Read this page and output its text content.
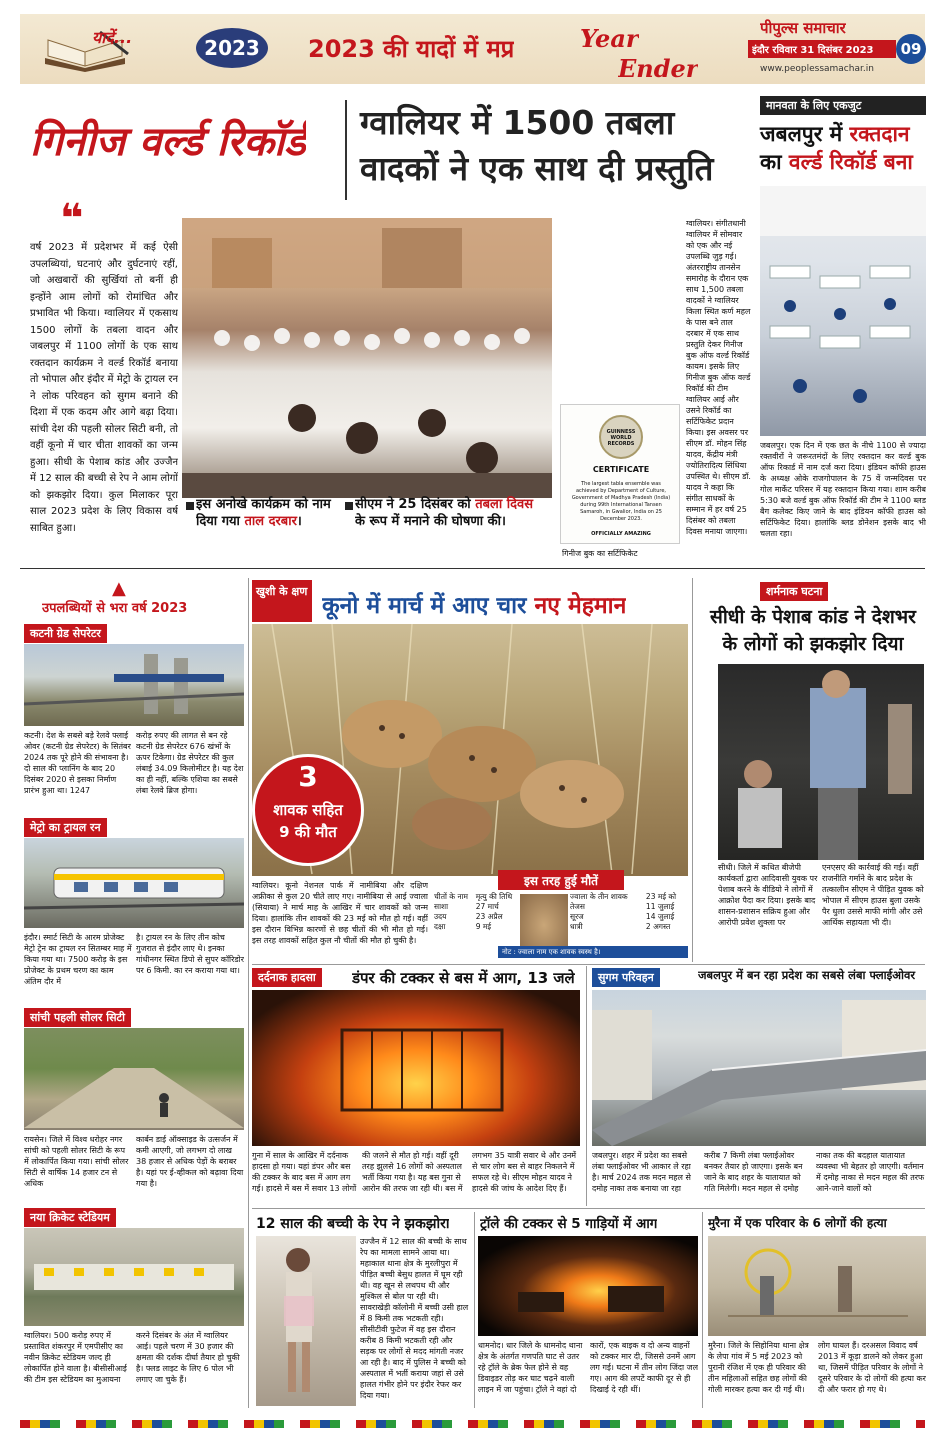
यादें...	2023	2023 की यादों में मप्र	Year
Ender
पीपुल्स समाचार
इंदौर रविवार 31 दिसंबर 2023	09
www.peoplessamachar.in
गिनीज वर्ल्ड रिकॉर्ड ग्वालियर में 1500 तबला वादकों ने एक साथ दी प्रस्तुति
❝
वर्ष 2023 में प्रदेशभर में कई ऐसी उपलब्धियां, घटनाएं और दुर्घटनाएं रहीं, जो अखबारों की सुर्खियां तो बनीं ही इन्होंने आम लोगों को रोमांचित और प्रभावित भी किया। ग्वालियर में एकसाथ 1500 लोगों के तबला वादन और जबलपुर में 1100 लोगों के एक साथ रक्तदान कार्यक्रम ने वर्ल्ड रिकॉर्ड बनाया तो भोपाल और इंदौर में मेट्रो के ट्रायल रन ने लोक परिवहन को सुगम बनाने की दिशा में एक कदम और आगे बढ़ा दिया। सांची देश की पहली सोलर सिटी बनी, तो वहीं कूनो में चार चीता शावकों का जन्म हुआ। सीधी के पेशाब कांड और उज्जैन में 12 साल की बच्ची से रेप ने आम लोगों को झकझोर दिया। कुल मिलाकर पूरा साल 2023 प्रदेश के लिए विकास वर्ष साबित हुआ।
इस अनोखे कार्यक्रम को नाम दिया गया ताल दरबार।
सीएम ने 25 दिसंबर को तबला दिवस के रूप में मनाने की घोषणा की।
GUINNESS WORLD RECORDS
CERTIFICATE
The largest tabla ensemble was achieved by Department of Culture, Government of Madhya Pradesh (India) during 99th International Tansen Samaroh, in Gwalior, India on 25 December 2023.
OFFICIALLY AMAZING
गिनीज बुक का सर्टिफिकेट
ग्वालियर। संगीतधानी ग्वालियर में सोमवार को एक और नई उपलब्धि जुड़ गई। अंतरराष्ट्रीय तानसेन समारोह के दौरान एक साथ 1,500 तबला वादकों ने ग्वालियर किला स्थित कर्ण महल के पास बने ताल दरबार में एक साथ प्रस्तुति देकर गिनीज बुक ऑफ वर्ल्ड रिकॉर्ड कायम। इसके लिए गिनीज बुक ऑफ वर्ल्ड रिकॉर्ड की टीम ग्वालियर आई और उसने रिकॉर्ड का सर्टिफिकेट प्रदान किया। इस अवसर पर सीएम डॉ. मोहन सिंह यादव, केंद्रीय मंत्री ज्योतिरादित्य सिंधिया उपस्थित थे। सीएम डॉ. यादव ने कहा कि संगीत साधकों के सम्मान में हर वर्ष 25 दिसंबर को तबला दिवस मनाया जाएगा।
मानवता के लिए एकजुट
जबलपुर में रक्तदान का वर्ल्ड रिकॉर्ड बना
जबलपुर। एक दिन में एक छत के नीचे 1100 से ज्यादा रक्तवीरों ने जरूरतमंदों के लिए रक्तदान कर वर्ल्ड बुक ऑफ रिकार्ड में नाम दर्ज करा दिया। इंडियन कॉफी हाउस के अध्यक्ष ओके राजगोपालन के 75 वें जन्मदिवस पर गोल मार्केट परिसर में यह रक्तदान किया गया। शाम करीब 5:30 बजे वर्ल्ड बुक ऑफ रिकॉर्ड की टीम ने 1100 ब्लड बैग कलेक्ट किए जाने के बाद इंडियन कॉफी हाउस को सर्टिफिकेट दिया। हालांकि ब्लड डोनेशन इसके बाद भी चलता रहा।
▲
उपलब्धियों से भरा वर्ष 2023
कटनी ग्रेड सेपरेटर
कटनी। देश के सबसे बड़े रेलवे फ्लाई ओवर (कटनी ग्रेड सेपरेटर) के सितंबर 2024 तक पूरे होने की संभावना है। दो साल की प्लानिंग के बाद 20 दिसंबर 2020 से इसका निर्माण प्रारंभ हुआ था। 1247
करोड़ रुपए की लागत से बन रहे कटनी ग्रेड सेपरेटर 676 खंभों के ऊपर टिकेगा। ग्रेड सेपरेटर की कुल लंबाई 34.09 किलोमीटर है। यह देश का ही नहीं, बल्कि एशिया का सबसे लंबा रेलवे ब्रिज होगा।
मेट्रो का ट्रायल रन
इंदौर। स्मार्ट सिटी के आरम प्रोजेक्ट मेट्रो ट्रेन का ट्रायल रन सितम्बर माह में किया गया था। 7500 करोड़ के इस प्रोजेक्ट के प्रथम चरण का काम अंतिम दौर में
है। ट्रायल रन के लिए तीन कोच गुजरात से इंदौर लाए थे। इनका गांधीनगर स्थित डिपो से सुपर कॉरिडोर पर 6 किमी. का रन कराया गया था।
सांची पहली सोलर सिटी
रायसेन। जिले में विश्व धरोहर नगर सांची को पहली सोलर सिटी के रूप में लोकार्पित किया गया। सांची सोलर सिटी से वार्षिक 14 हजार टन से अधिक
कार्बन डाई ऑक्साइड के उत्सर्जन में कमी आएगी, जो लगभग दो लाख 38 हजार से अधिक पेड़ों के बराबर है। यहां पर ई-व्हीकल को बढ़ावा दिया गया है।
नया क्रिकेट स्टेडियम
ग्वालियर। 500 करोड़ रुपए में प्रस्तावित शंकरपुर में एमपीसीए का नवीन क्रिकेट स्टेडियम जल्द ही लोकार्पित होने वाला है। बीसीसीआई की टीम इस स्टेडियम का मुआयना
करने दिसंबर के अंत में ग्वालियर आई। पहले चरण में 30 हजार की क्षमता की दर्शक दीर्घा तैयार हो चुकी है। फ्लड लाइट के लिए 6 पोल भी लगाए जा चुके हैं।
खुशी के क्षण
कूनो में मार्च में आए चार नए मेहमान
3
शावक सहित
9 की मौत
ग्वालियर। कूनो नेशनल पार्क में नामीबिया और दक्षिण अफ्रीका से कुल 20 चीते लाए गए। नामीबिया से आई ज्वाला (सियाया) ने मार्च माह के आखिर में चार शावकों को जन्म दिया। हालांकि तीन शावकों की 23 मई को मौत हो गई। वहीं इस दौरान विभिन्न कारणों से छह चीतों की भी मौत हो गई। इस तरह शावकों सहित कुल नौ चीतों की मौत हो चुकी है।
इस तरह हुई मौतें
चीतों के नाम	मृत्यु की तिथि
साशा	27 मार्च
उदय	23 अप्रैल
दक्षा	9 मई
ज्वाला के तीन शावक	23 मई को
तेजस	11 जुलाई
सूरज	14 जुलाई
धात्री	2 अगस्त
नोट : ज्वाला नाम एक शावक स्वस्थ है।
शर्मनाक घटना
सीधी के पेशाब कांड ने देशभर के लोगों को झकझोर दिया
सीधी। जिले में कथित बीजेपी कार्यकर्ता द्वारा आदिवासी युवक पर पेशाब करने के वीडियो ने लोगों में आक्रोश पैदा कर दिया। इसके बाद शासन-प्रशासन सक्रिय हुआ और आरोपी प्रवेश शुक्ला पर
एनएसए की कार्रवाई की गई। वहीं राजनीति गर्माने के बाद प्रदेश के तत्कालीन सीएम ने पीड़ित युवक को भोपाल में सीएम हाउस बुला उसके पैर धुला उससे माफी मांगी और उसे आर्थिक सहायता भी दी।
दर्दनाक हादसा	डंपर की टक्कर से बस में आग, 13 जले
गुना में साल के आखिर में दर्दनाक हादसा हो गया। यहां डंपर और बस की टक्कर के बाद बस में आग लग गई। हादसे में बस में सवार 13 लोगों
की जलने से मौत हो गई। वहीं दूरी तरह झुलसे 16 लोगों को अस्पताल भर्ती किया गया है। यह बस गुना से आरोन की तरफ जा रही थी। बस में
लगभग 35 यात्री सवार थे और उनमें से चार लोग बस से बाहर निकलने में सफल रहे थे। सीएम मोहन यादव ने हादसे की जांच के आदेश दिए हैं।
सुगम परिवहन	जबलपुर में बन रहा प्रदेश का सबसे लंबा फ्लाईओवर
जबलपुर। शहर में प्रदेश का सबसे लंबा फ्लाईओवर भी आकार ले रहा है। मार्च 2024 तक मदन महल से दमोह नाका तक बनाया जा रहा
करीब 7 किमी लंबा फ्लाईओवर बनकर तैयार हो जाएगा। इसके बन जाने के बाद शहर के यातायात को गति मिलेगी। मदन महल से दमोह
नाका तक की बदहाल यातायात व्यवस्था भी बेहतर हो जाएगी। वर्तमान में दमोह नाका से मदन महल की तरफ आने-जाने वालों को
12 साल की बच्ची के रेप ने झकझोरा
उज्जैन में 12 साल की बच्ची के साथ रेप का मामला सामने आया था। महाकाल थाना क्षेत्र के मुरलीपुरा में पीड़ित बच्ची बेसुध हालत में घूम रही थी। वह खून से लथपथ थी और मुश्किल से बोल पा रही थी। सावराखेड़ी कॉलोनी में बच्ची उसी हाल में 8 किमी तक भटकती रही। सीसीटीवी फुटेज में वह इस दौरान करीब 8 किमी भटकती रही और सड़क पर लोगों से मदद मांगती नजर आ रही है। बाद में पुलिस ने बच्ची को अस्पताल में भर्ती कराया जहां से उसे हालत गंभीर होने पर इंदौर रेफर कर दिया गया।
ट्रॉले की टक्कर से 5 गाड़ियों में आग
धामनोद। धार जिले के धामनोद थाना क्षेत्र के अंतर्गत गणपति घाट से उतर रहे ट्रॉले के ब्रेक फेल होने से वह डिवाइडर तोड़ कर घाट चढ़ने वाली लाइन में जा पहुंचा। ट्रॉले ने वहां दो
कारों, एक बाइक व दो अन्य वाहनों को टक्कर मार दी, जिससे उनमें आग लग गई। घटना में तीन लोग जिंदा जल गए। आग की लपटें काफी दूर से ही दिखाई दे रही थीं।
मुरैना में एक परिवार के 6 लोगों की हत्या
मुरैना। जिले के सिहोनिया थाना क्षेत्र के लेपा गांव में 5 मई 2023 को पुरानी रंजिश में एक ही परिवार की तीन महिलाओं सहित छह लोगों की गोली मारकर हत्या कर दी गई थी।
लोग घायल हैं। दरअसल विवाद वर्ष 2013 में कूड़ा डालने को लेकर हुआ था, जिसमें पीड़ित परिवार के लोगों ने दूसरे परिवार के दो लोगों की हत्या कर दी और फरार हो गए थे।
